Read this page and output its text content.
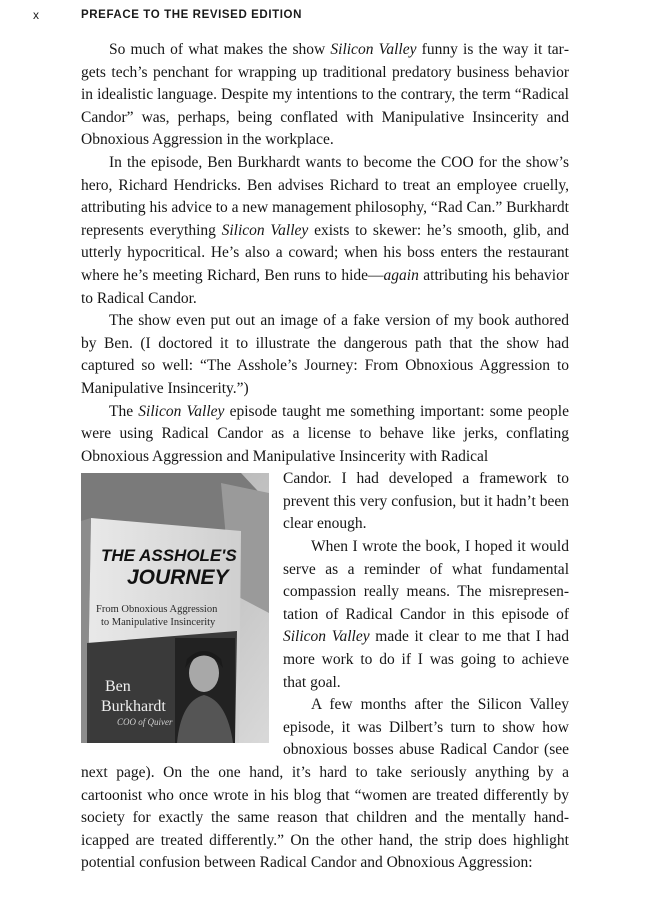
x	PREFACE TO THE REVISED EDITION

So much of what makes the show Silicon Valley funny is the way it targets tech’s penchant for wrapping up traditional predatory business behavior in idealistic language. Despite my intentions to the contrary, the term “Radical Candor” was, perhaps, being conflated with Manipulative Insincerity and Obnoxious Aggression in the workplace.

In the episode, Ben Burkhardt wants to become the COO for the show’s hero, Richard Hendricks. Ben advises Richard to treat an employee cruelly, attributing his advice to a new management philosophy, “Rad Can.” Burkhardt represents everything Silicon Valley exists to skewer: he’s smooth, glib, and utterly hypocritical. He’s also a coward; when his boss enters the restaurant where he’s meeting Richard, Ben runs to hide—again attributing his behavior to Radical Candor.

The show even put out an image of a fake version of my book authored by Ben. (I doctored it to illustrate the dangerous path that the show had captured so well: “The Asshole’s Journey: From Obnoxious Aggression to Manipulative Insincerity.”)

The Silicon Valley episode taught me something important: some people were using Radical Candor as a license to behave like jerks, conflating Obnoxious Aggression and Manipulative Insincerity with Radical

THE ASSHOLE'S
JOURNEY
From Obnoxious Aggression
to Manipulative Insincerity
Ben
Burkhardt
COO of Quiver

Candor. I had developed a framework to prevent this very confusion, but it hadn’t been clear enough.

When I wrote the book, I hoped it would serve as a reminder of what fundamental compassion really means. The misrepresentation of Radical Candor in this episode of Silicon Valley made it clear to me that I had more work to do if I was going to achieve that goal.

A few months after the Silicon Valley episode, it was Dilbert’s turn to show how obnoxious bosses abuse Radical Candor (see next page). On the one hand, it’s hard to take seriously anything by a cartoonist who once wrote in his blog that “women are treated differently by society for exactly the same reason that children and the mentally handicapped are treated differently.” On the other hand, the strip does highlight potential confusion between Radical Candor and Obnoxious Aggression:
